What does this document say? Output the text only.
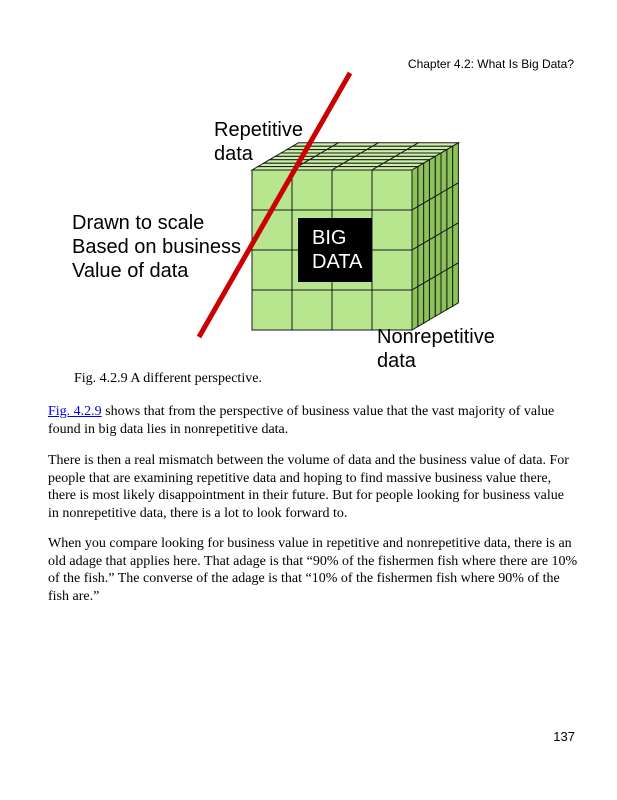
Chapter 4.2: What Is Big Data?
Repetitive
data
Drawn to scale
Based on business
Value of data
BIG
DATA
Nonrepetitive
data
Fig. 4.2.9 A different perspective.

Fig. 4.2.9 shows that from the perspective of business value that the vast majority of value found in big data lies in nonrepetitive data.

There is then a real mismatch between the volume of data and the business value of data. For people that are examining repetitive data and hoping to find massive business value there, there is most likely disappointment in their future. But for people looking for business value in nonrepetitive data, there is a lot to look forward to.

When you compare looking for business value in repetitive and nonrepetitive data, there is an old adage that applies here. That adage is that “90% of the fishermen fish where there are 10% of the fish.” The converse of the adage is that “10% of the fishermen fish where 90% of the fish are.”

137
